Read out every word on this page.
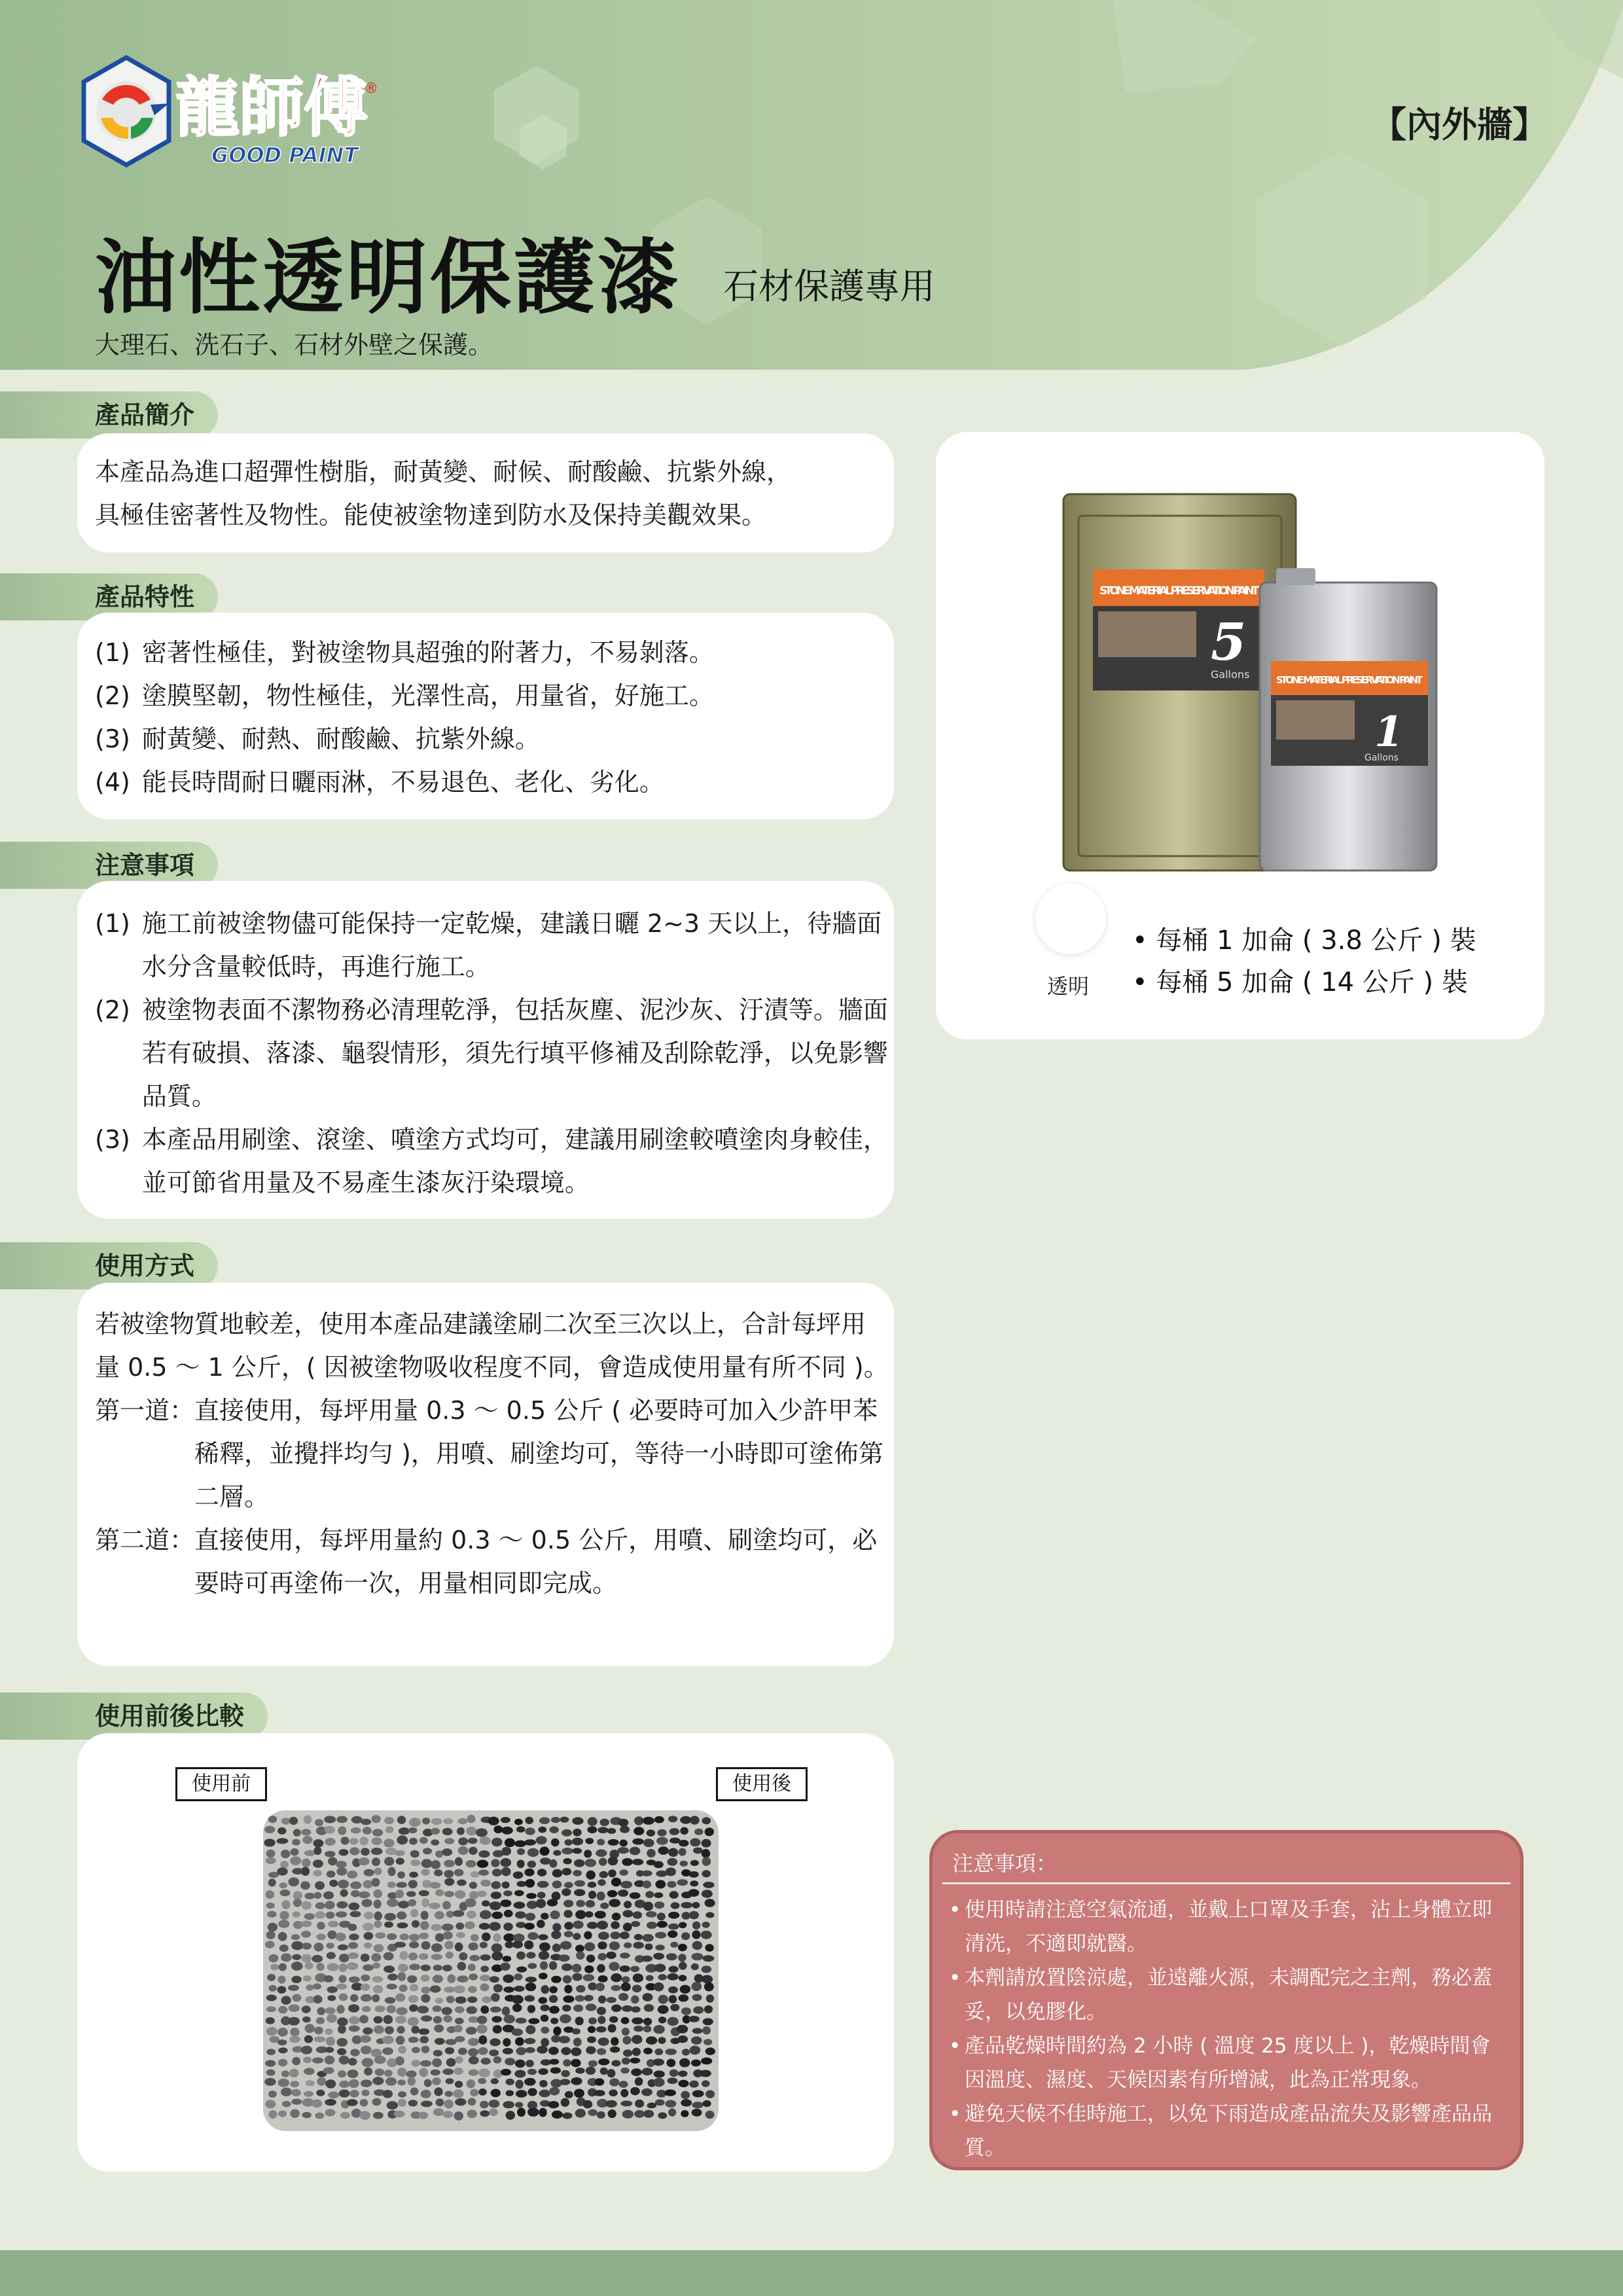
龍師傅
GOOD PAINT
®
【內外牆】
油性透明保護漆 石材保護專用
大理石、洗石子、石材外壁之保護。
產品簡介
本產品為進口超彈性樹脂，耐黃變、耐候、耐酸鹼、抗紫外線，
具極佳密著性及物性。能使被塗物達到防水及保持美觀效果。
產品特性
(1) 密著性極佳，對被塗物具超強的附著力，不易剝落。
(2) 塗膜堅韌，物性極佳，光澤性高，用量省，好施工。
(3) 耐黃變、耐熱、耐酸鹼、抗紫外線。
(4) 能長時間耐日曬雨淋，不易退色、老化、劣化。
注意事項
(1) 施工前被塗物儘可能保持一定乾燥，建議日曬 2~3 天以上，待牆面水分含量較低時，再進行施工。
(2) 被塗物表面不潔物務必清理乾淨，包括灰塵、泥沙灰、汙漬等。牆面若有破損、落漆、龜裂情形，須先行填平修補及刮除乾淨，以免影響品質。
(3) 本產品用刷塗、滾塗、噴塗方式均可，建議用刷塗較噴塗肉身較佳，並可節省用量及不易產生漆灰汙染環境。
使用方式

若被塗物質地較差，使用本產品建議塗刷二次至三次以上，合計每坪用量 0.5 ～ 1 公斤，( 因被塗物吸收程度不同，會造成使用量有所不同 )。

第一道： 直接使用，每坪用量 0.3 ～ 0.5 公斤 ( 必要時可加入少許甲苯稀釋，並攪拌均勻 )，用噴、刷塗均可，等待一小時即可塗佈第二層。
第二道： 直接使用，每坪用量約 0.3 ～ 0.5 公斤，用噴、刷塗均可，必要時可再塗佈一次，用量相同即完成。
使用前後比較
使用前	使用後
STONE MATERIAL PRESERVATION PAINT
5
Gallons	STONE MATERIAL PRESERVATION PAINT
1
Gallons
透明
• 每桶 1 加侖 ( 3.8 公斤 ) 裝
• 每桶 5 加侖 ( 14 公斤 ) 裝
注意事項：
• 使用時請注意空氣流通，並戴上口罩及手套，沾上身體立即清洗，不適即就醫。
• 本劑請放置陰涼處，並遠離火源，未調配完之主劑，務必蓋妥，以免膠化。
• 產品乾燥時間約為 2 小時 ( 溫度 25 度以上 )，乾燥時間會因溫度、濕度、天候因素有所增減，此為正常現象。
• 避免天候不佳時施工，以免下雨造成產品流失及影響產品品質。
